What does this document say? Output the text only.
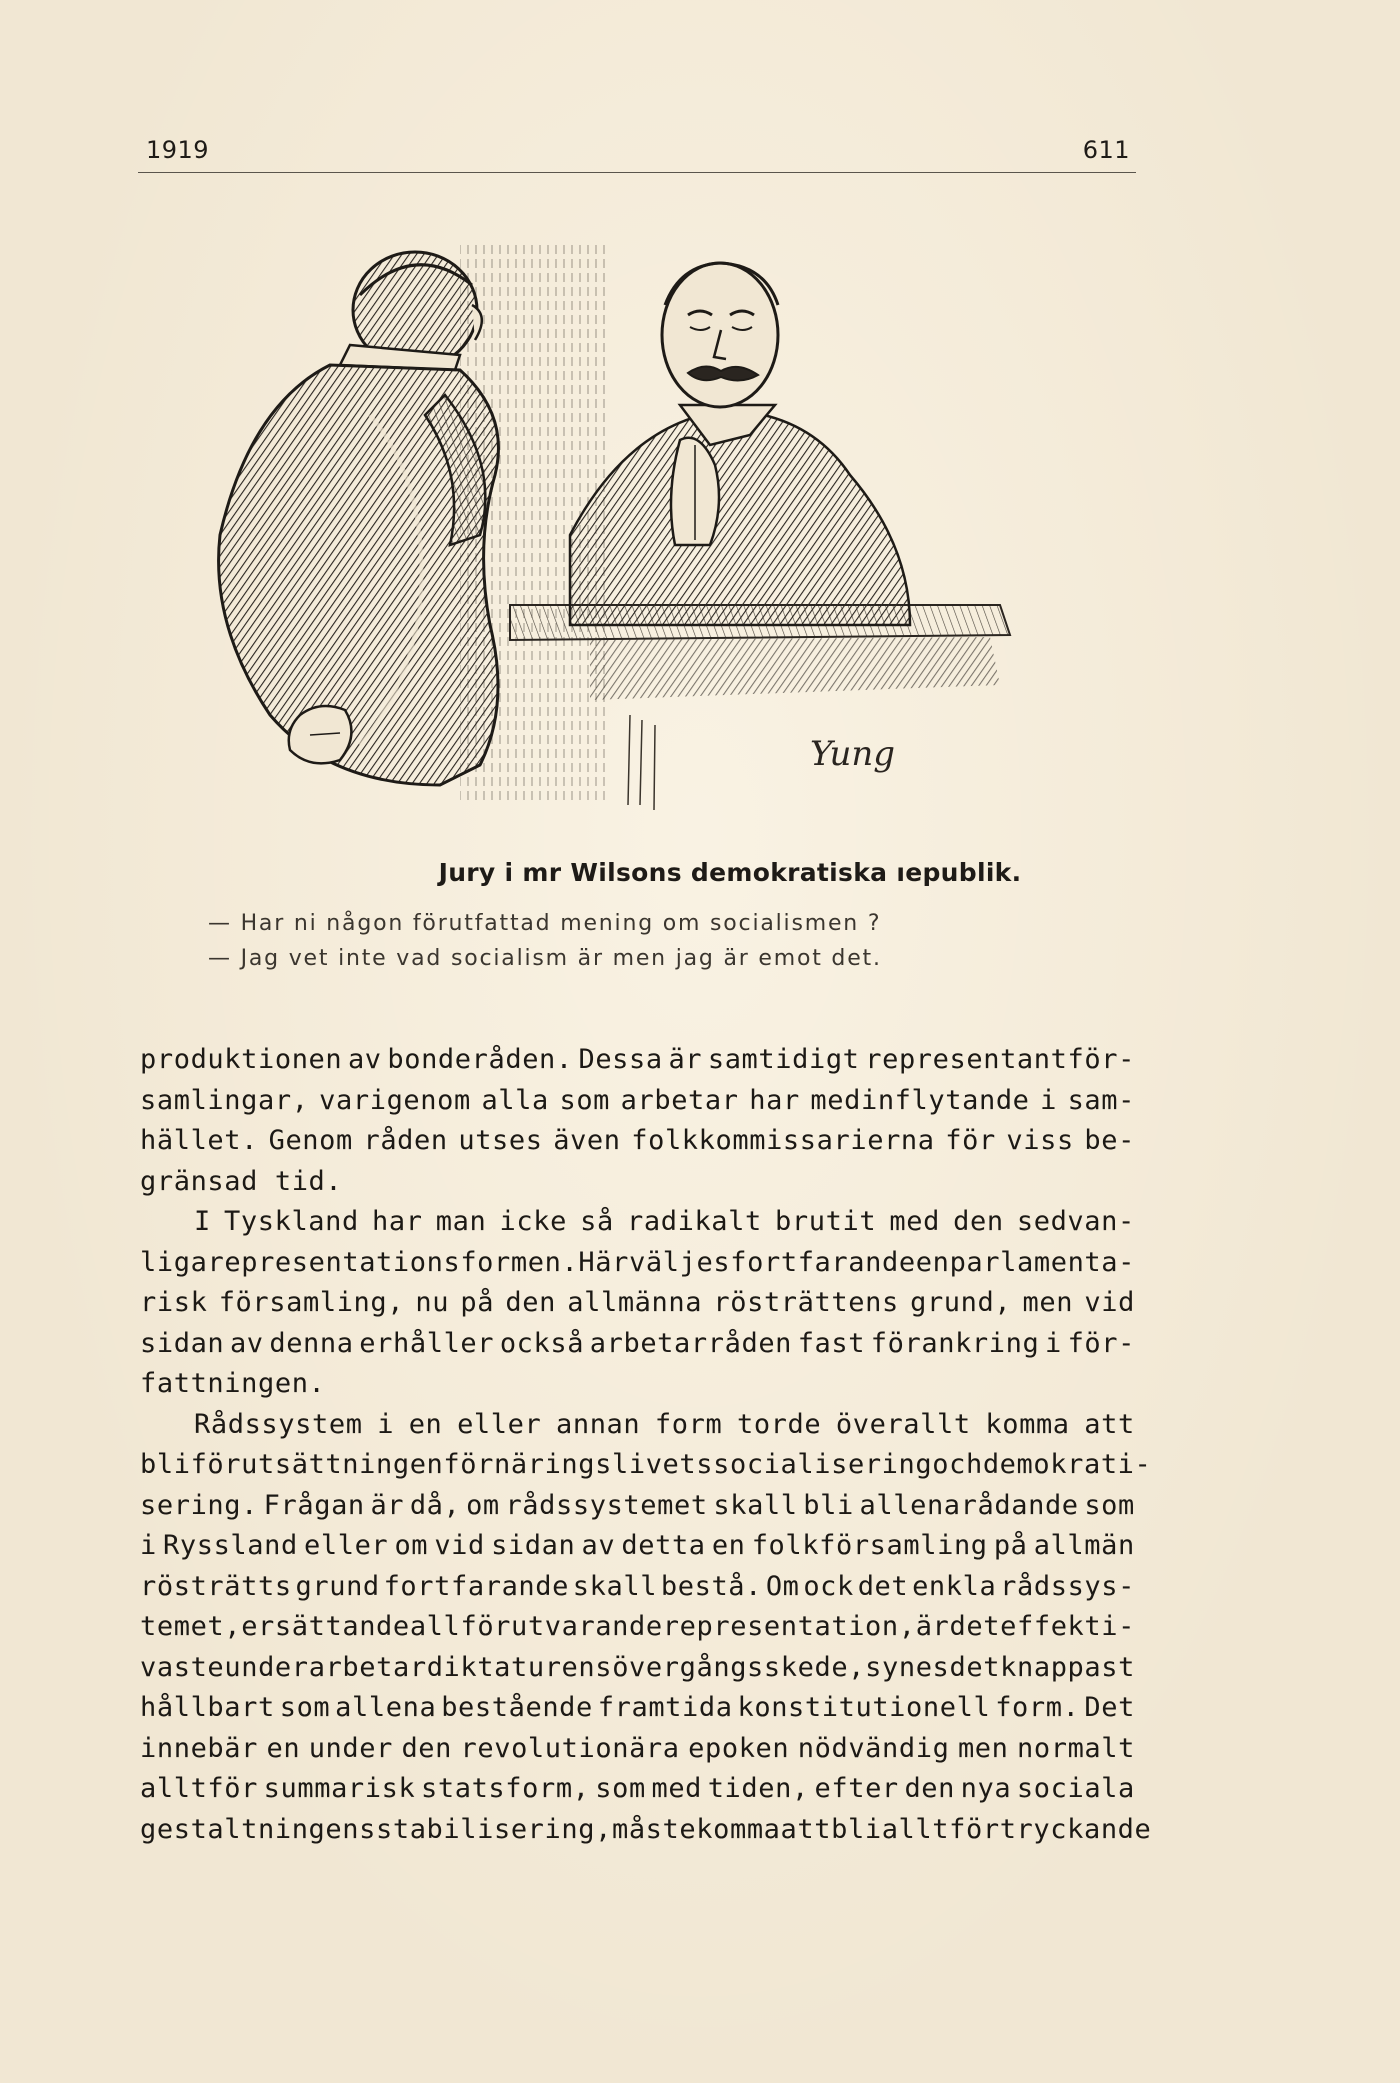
1919	611
Yung
Jury i mr Wilsons demokratiska ıepublik.
— Har ni någon förutfattad mening om socialismen ?
— Jag vet inte vad socialism är men jag är emot det.
produktionen av bonderåden. Dessa är samtidigt representantför-
samlingar, varigenom alla som arbetar har medinflytande i sam-
hället. Genom råden utses även folkkommissarierna för viss be-
gränsad tid.
I Tyskland har man icke så radikalt brutit med den sedvan-
liga representationsformen. Här väljes fortfarande en parlamenta-
risk församling, nu på den allmänna rösträttens grund, men vid
sidan av denna erhåller också arbetarråden fast förankring i för-
fattningen.
Rådssystem i en eller annan form torde överallt komma att
bli förutsättningen för näringslivets socialisering och demokrati-
sering. Frågan är då, om rådssystemet skall bli allenarådande som
i Ryssland eller om vid sidan av detta en folkförsamling på allmän
rösträtts grund fortfarande skall bestå. Om ock det enkla rådssys-
temet, ersättande all förutvarande representation, är det effekti-
vaste under arbetardiktaturens övergångsskede, synes det knappast
hållbart som allena bestående framtida konstitutionell form. Det
innebär en under den revolutionära epoken nödvändig men normalt
alltför summarisk statsform, som med tiden, efter den nya sociala
gestaltningens stabilisering, måste komma att bli alltför tryckande
